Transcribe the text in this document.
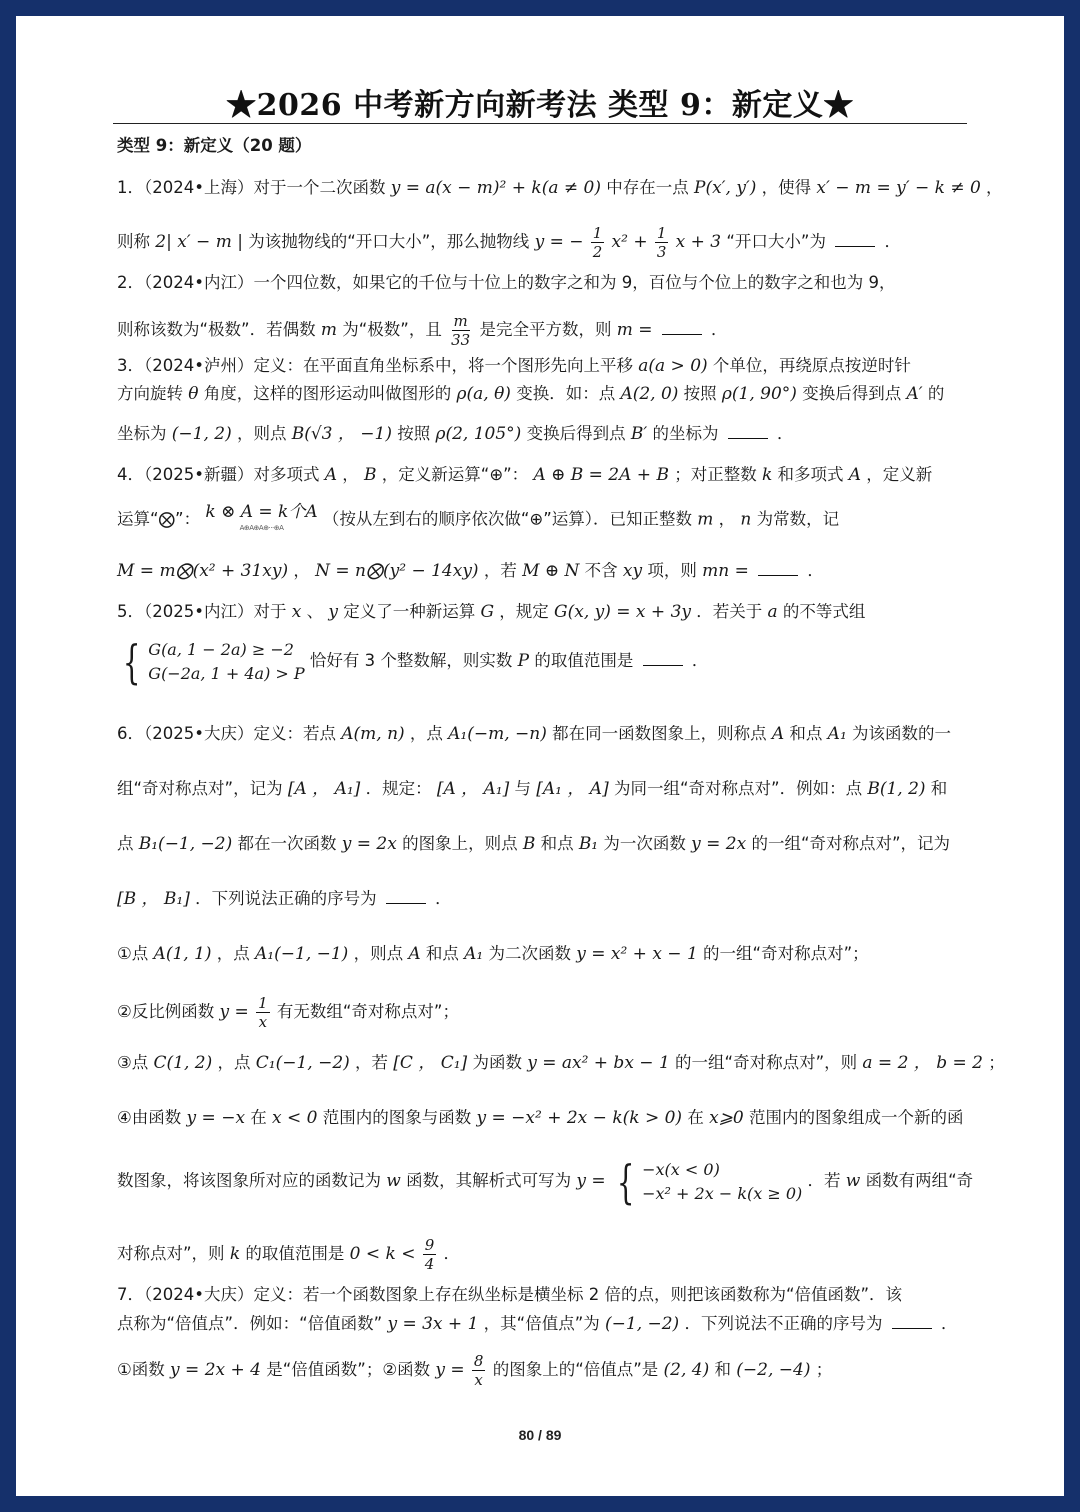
★2026 中考新方向新考法 类型 9：新定义★
类型 9：新定义（20 题）
1．（2024•上海）对于一个二次函数 y = a(x − m)² + k(a ≠ 0) 中存在一点 P(x′, y′) ，使得 x′ − m = y′ − k ≠ 0 ，
则称 2| x′ − m | 为该抛物线的“开口大小”，那么抛物线 y = − $\frac{1}{2} x^2 + \frac{1}{3}$ x + 3 “开口大小”为	．
2．（2024•内江）一个四位数，如果它的千位与十位上的数字之和为 9，百位与个位上的数字之和也为 9，
则称该数为“极数”．若偶数 m 为“极数”，且 $\frac{m}{33}$ 是完全平方数，则 m =	．
3．（2024•泸州）定义：在平面直角坐标系中，将一个图形先向上平移 a(a > 0) 个单位，再绕原点按逆时针
方向旋转 θ 角度，这样的图形运动叫做图形的 ρ(a, θ) 变换．如：点 A(2, 0) 按照 ρ(1, 90°) 变换后得到点 A′ 的
坐标为 (−1, 2) ，则点 B(√3 ， −1) 按照 ρ(2, 105°) 变换后得到点 B′ 的坐标为	．
4．（2025•新疆）对多项式 A ， B ，定义新运算“⊕”： A ⊕ B = 2A + B ；对正整数 k 和多项式 A ，定义新
运算“⨂”： k ⊗ A = k个A
A⊕A⊕A⊕···⊕A （按从左到右的顺序依次做“⊕”运算）．已知正整数 m ， n 为常数，记
M = m⨂(x² + 31xy) ， N = n⨂(y² − 14xy) ，若 M ⊕ N 不含 xy 项，则 mn =	．
5．（2025•内江）对于 x 、 y 定义了一种新运算 G ，规定 G(x, y) = x + 3y ．若关于 a 的不等式组
{ G(a, 1 − 2a) ≥ −2
G(−2a, 1 + 4a) > P
恰好有 3 个整数解，则实数 P 的取值范围是	．
6．（2025•大庆）定义：若点 A(m, n) ，点 A₁(−m, −n) 都在同一函数图象上，则称点 A 和点 A₁ 为该函数的一
组“奇对称点对”，记为 [A ， A₁] ．规定： [A ， A₁] 与 [A₁ ， A] 为同一组“奇对称点对”．例如：点 B(1, 2) 和
点 B₁(−1, −2) 都在一次函数 y = 2x 的图象上，则点 B 和点 B₁ 为一次函数 y = 2x 的一组“奇对称点对”，记为
[B ， B₁] ．下列说法正确的序号为	．
①点 A(1, 1) ，点 A₁(−1, −1) ，则点 A 和点 A₁ 为二次函数 y = x² + x − 1 的一组“奇对称点对”；
②反比例函数 $y = \frac{1}{x}$ 有无数组“奇对称点对”；
③点 C(1, 2) ，点 C₁(−1, −2) ，若 [C ， C₁] 为函数 y = ax² + bx − 1 的一组“奇对称点对”，则 a = 2 ， b = 2 ；
④由函数 y = −x 在 x < 0 范围内的图象与函数 y = −x² + 2x − k(k > 0) 在 x⩾0 范围内的图象组成一个新的函
数图象，将该图象所对应的函数记为 w 函数，其解析式可写为 y = { −x(x < 0)
−x² + 2x − k(x ≥ 0)
．若 w 函数有两组“奇
对称点对”，则 k 的取值范围是 $0 < k < \frac{9}{4}$ ．
7．（2024•大庆）定义：若一个函数图象上存在纵坐标是横坐标 2 倍的点，则把该函数称为“倍值函数”．该
点称为“倍值点”．例如：“倍值函数” y = 3x + 1 ，其“倍值点”为 (−1, −2) ．下列说法不正确的序号为	．
①函数 y = 2x + 4 是“倍值函数”；②函数 $y = \frac{8}{x}$ 的图象上的“倍值点”是 (2, 4) 和 (−2, −4) ；
80 / 89
